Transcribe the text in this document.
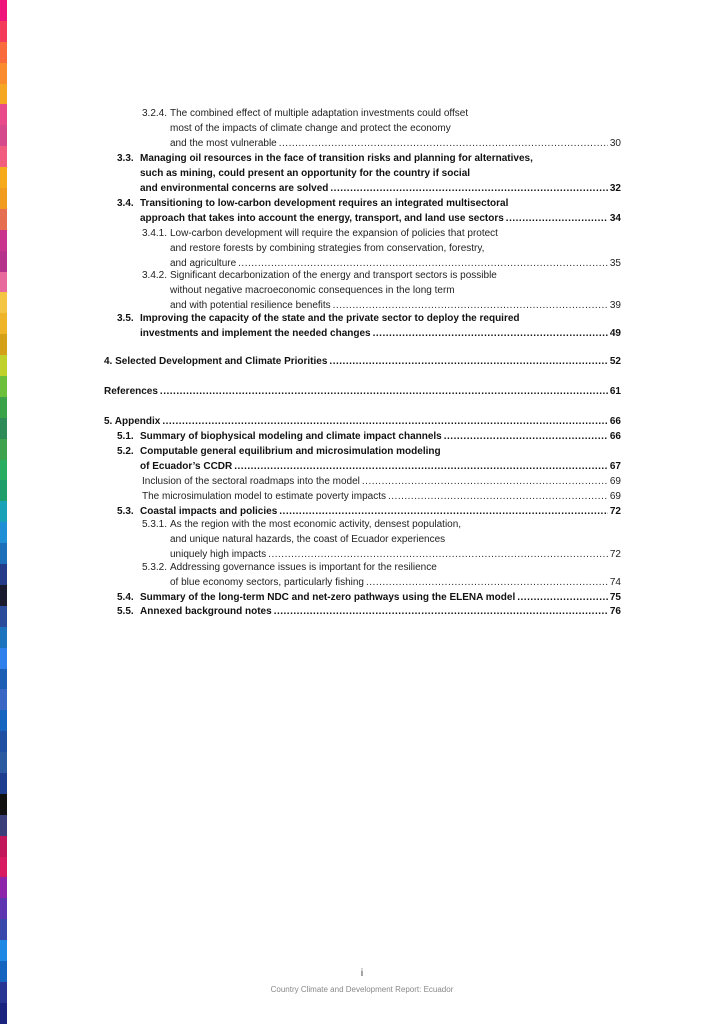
3.2.4. The combined effect of multiple adaptation investments could offset
most of the impacts of climate change and protect the economy
and the most vulnerable .....	30
3.3. Managing oil resources in the face of transition risks and planning for alternatives,
such as mining, could present an opportunity for the country if social
and environmental concerns are solved .....	32
3.4. Transitioning to low-carbon development requires an integrated multisectoral
approach that takes into account the energy, transport, and land use sectors .....	34
3.4.1. Low-carbon development will require the expansion of policies that protect
and restore forests by combining strategies from conservation, forestry,
and agriculture .....	35
3.4.2. Significant decarbonization of the energy and transport sectors is possible
without negative macroeconomic consequences in the long term
and with potential resilience benefits .....	39
3.5. Improving the capacity of the state and the private sector to deploy the required
investments and implement the needed changes .....	49
4. Selected Development and Climate Priorities .....	52
References .....	61
5. Appendix .....	66
5.1. Summary of biophysical modeling and climate impact channels .....	66
5.2. Computable general equilibrium and microsimulation modeling
of Ecuador’s CCDR .....	67
Inclusion of the sectoral roadmaps into the model .....	69
The microsimulation model to estimate poverty impacts .....	69
5.3. Coastal impacts and policies .....	72
5.3.1. As the region with the most economic activity, densest population,
and unique natural hazards, the coast of Ecuador experiences
uniquely high impacts .....	72
5.3.2. Addressing governance issues is important for the resilience
of blue economy sectors, particularly fishing .....	74
5.4. Summary of the long-term NDC and net-zero pathways using the ELENA model .....	75
5.5. Annexed background notes .....	76
i
Country Climate and Development Report: Ecuador
